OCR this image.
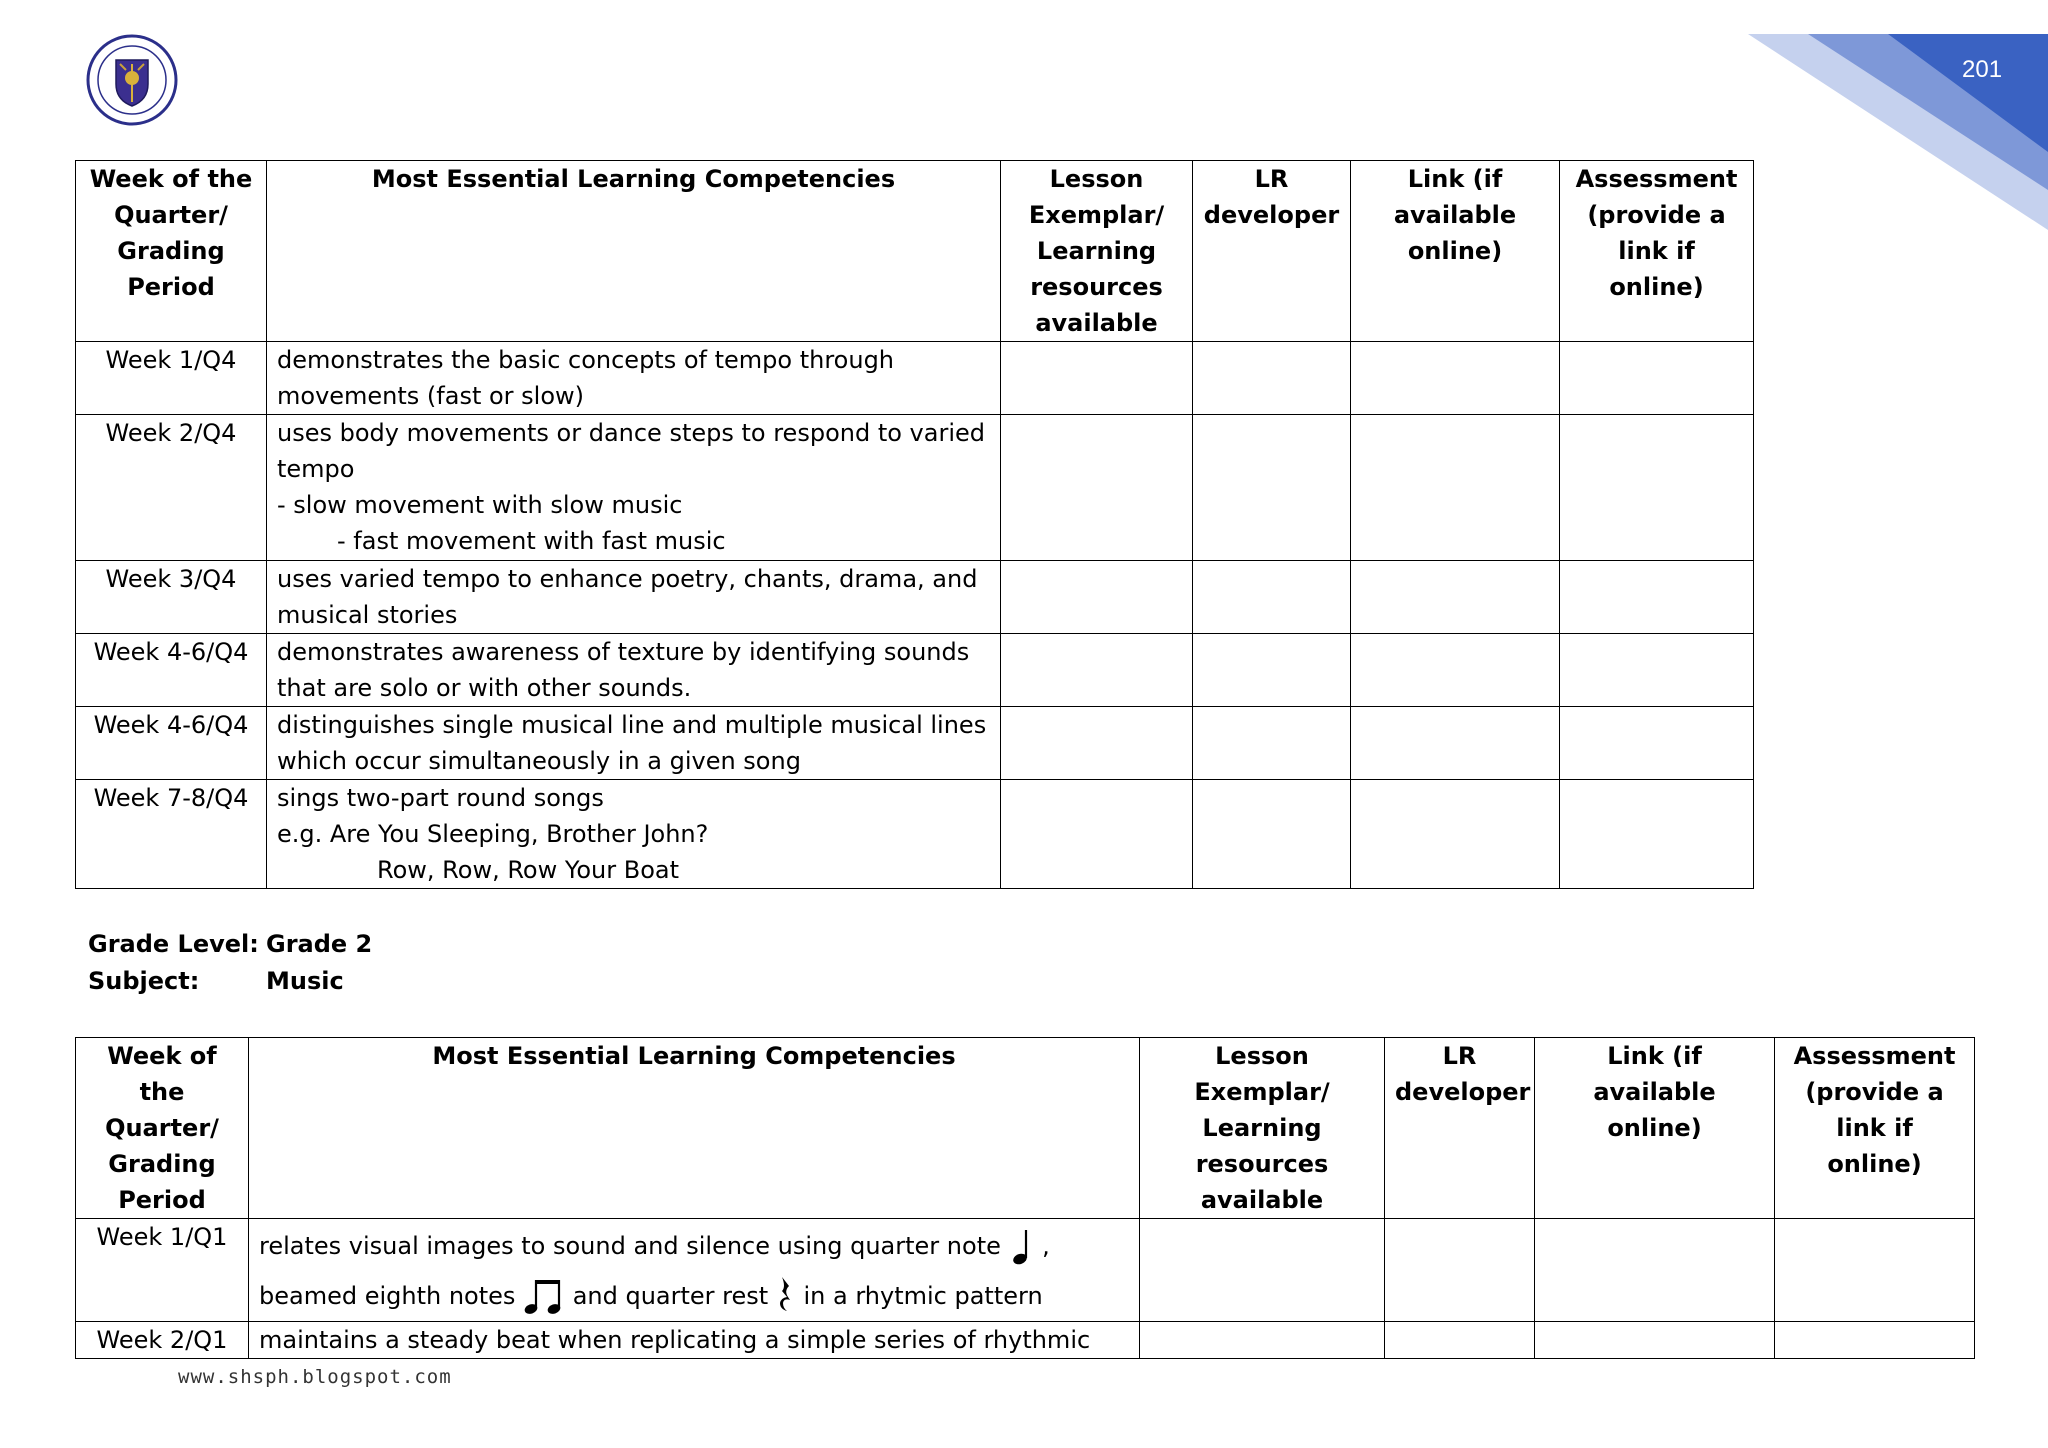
201
Week of the Quarter/ Grading Period	Most Essential Learning Competencies	Lesson Exemplar/ Learning resources available	LR developer	Link (if available online)	Assessment (provide a link if online)
Week 1/Q4	demonstrates the basic concepts of tempo through
movements (fast or slow)				

Week 2/Q4	uses body movements or dance steps to respond to varied
tempo
- slow movement with slow music
- fast movement with fast music				

Week 3/Q4	uses varied tempo to enhance poetry, chants, drama, and
musical stories				

Week 4-6/Q4	demonstrates awareness of texture by identifying sounds
that are solo or with other sounds.				

Week 4-6/Q4	distinguishes single musical line and multiple musical lines
which occur simultaneously in a given song				

Week 7-8/Q4	sings two-part round songs
e.g. Are You Sleeping, Brother John?
Row, Row, Row Your Boat				

Grade Level: Grade 2
Subject:	Music
Week of the Quarter/ Grading Period	Most Essential Learning Competencies	Lesson Exemplar/ Learning resources available	LR developer	Link (if available online)	Assessment (provide a link if online)
Week 1/Q1	relates visual images to sound and silence using quarter note ,
beamed eighth notes and quarter rest in a rhytmic pattern				

Week 2/Q1	maintains a steady beat when replicating a simple series of rhythmic				
www.shsph.blogspot.com
